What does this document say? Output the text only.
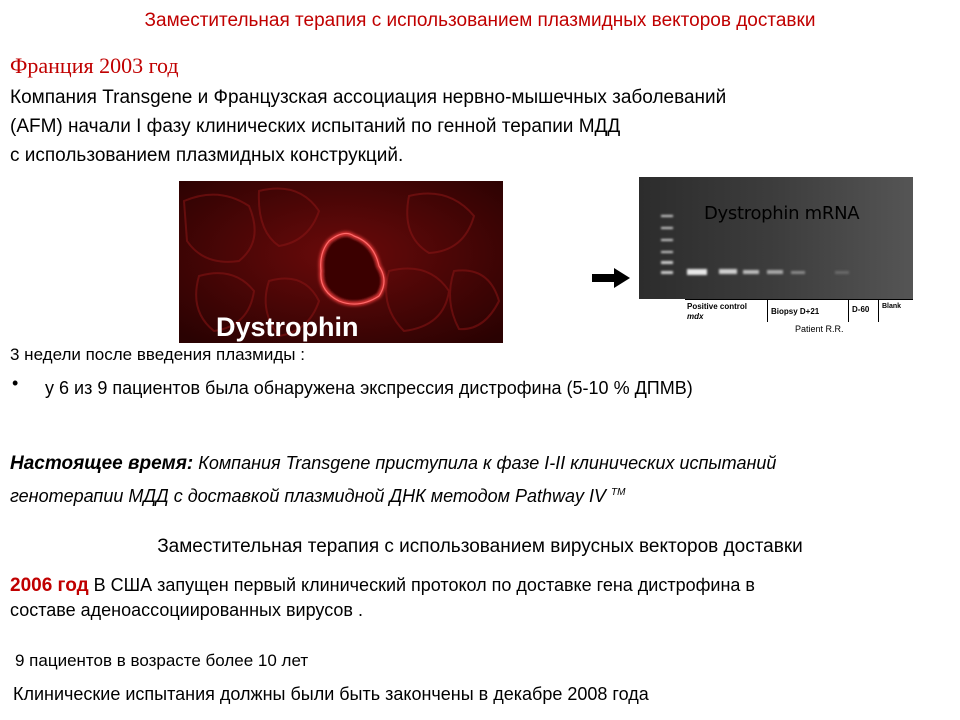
Заместительная терапия с использованием плазмидных векторов доставки
Франция 2003 год
Компания Transgene и Французская ассоциация нервно-мышечных заболеваний
(AFM) начали I фазу клинических испытаний по генной терапии МДД
с использованием плазмидных конструкций.
Dystrophin
Dystrophin mRNA
Positive control
mdx
Biopsy D+21	D-60 Blank
Patient R.R.
3 недели после введения плазмиды :
• у 6 из 9 пациентов была обнаружена экспрессия дистрофина (5-10 % ДПМВ)
Настоящее время: Компания Transgene приступила к фазе I-II клинических испытаний
генотерапии МДД с доставкой плазмидной ДНК методом Pathway IV ™
Заместительная терапия с использованием вирусных векторов доставки
2006 год В США запущен первый клинический протокол по доставке гена дистрофина в
составе аденоассоциированных вирусов .
9 пациентов в возрасте более 10 лет
Клинические испытания должны были быть закончены в декабре 2008 года
